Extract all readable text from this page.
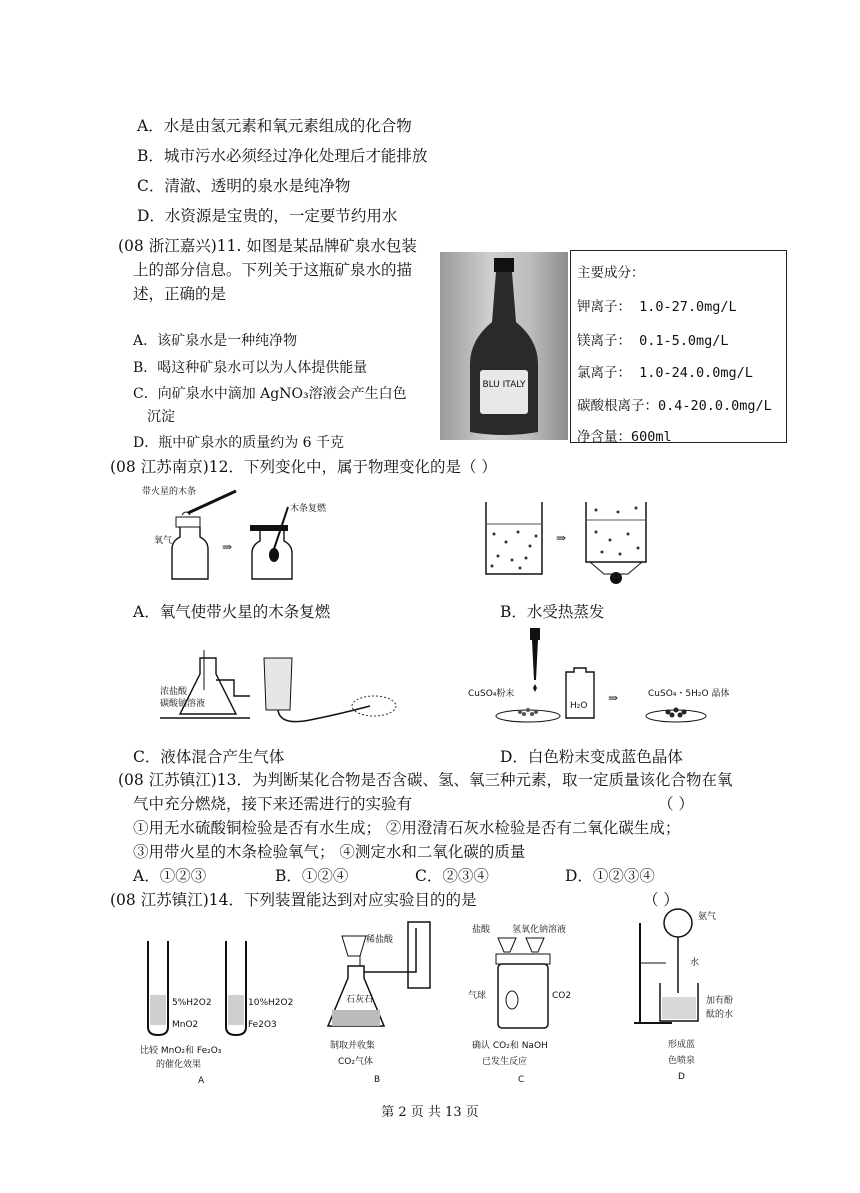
A．水是由氢元素和氧元素组成的化合物
B．城市污水必须经过净化处理后才能排放
C．清澈、透明的泉水是纯净物
D．水资源是宝贵的，一定要节约用水
(08 浙江嘉兴)11. 如图是某品牌矿泉水包装
上的部分信息。下列关于这瓶矿泉水的描
述，正确的是
A．该矿泉水是一种纯净物
B．喝这种矿泉水可以为人体提供能量
C．向矿泉水中滴加 AgNO₃溶液会产生白色
沉淀
D．瓶中矿泉水的质量约为 6 千克
BLU ITALY
主要成分：
钾离子： 1.0-27.0mg/L
镁离子： 0.1-5.0mg/L
氯离子： 1.0-24.0.0mg/L
碳酸根离子：0.4-20.0.0mg/L
净含量：600ml
(08 江苏南京)12．下列变化中，属于物理变化的是（ ）
带火星的木条
氧气	⇒
木条复燃
⇒
A．氧气使带火星的木条复燃	B．水受热蒸发
浓盐酸
碳酸钠溶液
CuSO₄粉末
H₂O
⇒	CuSO₄・5H₂O 晶体
C．液体混合产生气体	D．白色粉末变成蓝色晶体
(08 江苏镇江)13．为判断某化合物是否含碳、氢、氧三种元素，取一定质量该化合物在氧
气中充分燃烧，接下来还需进行的实验有	（ ）
①用无水硫酸铜检验是否有水生成； ②用澄清石灰水检验是否有二氧化碳生成；
③用带火星的木条检验氧气； ④测定水和二氧化碳的质量
A．①②③	B．①②④	C．②③④	D．①②③④
(08 江苏镇江)14．下列装置能达到对应实验目的的是	（ ）
5%H2O2	10%H2O2
MnO2	Fe2O3
比较 MnO₂和 Fe₂O₃
的催化效果
A
稀盐酸
石灰石
制取并收集
CO₂气体
B
盐酸 氢氧化钠溶液
气球	CO2
确认 CO₂和 NaOH
已发生反应
C
氨气
水
加有酚
酞的水
形成蓝
色喷泉
D
第 2 页 共 13 页
